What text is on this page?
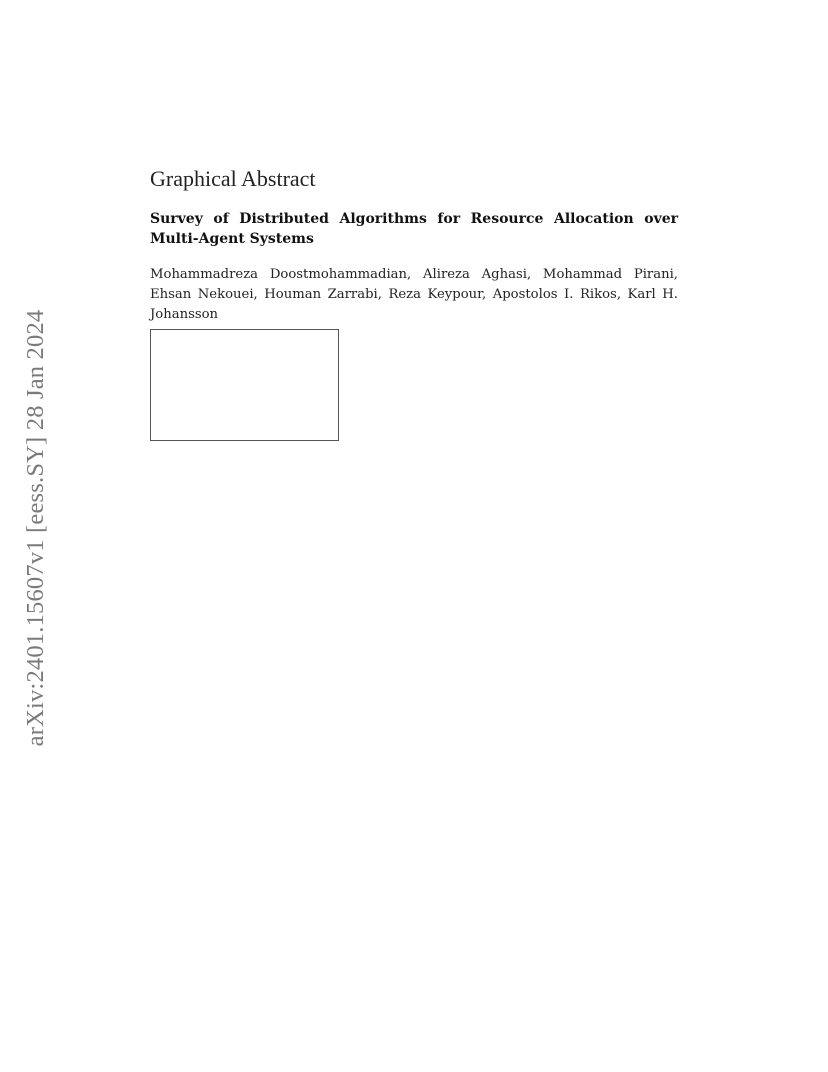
arXiv:2401.15607v1 [eess.SY] 28 Jan 2024
Graphical Abstract

Survey of Distributed Algorithms for Resource Allocation over Multi-Agent Systems

Mohammadreza Doostmohammadian, Alireza Aghasi, Mohammad Pirani, Ehsan Nekouei, Houman Zarrabi, Reza Keypour, Apostolos I. Rikos, Karl H. Johansson
